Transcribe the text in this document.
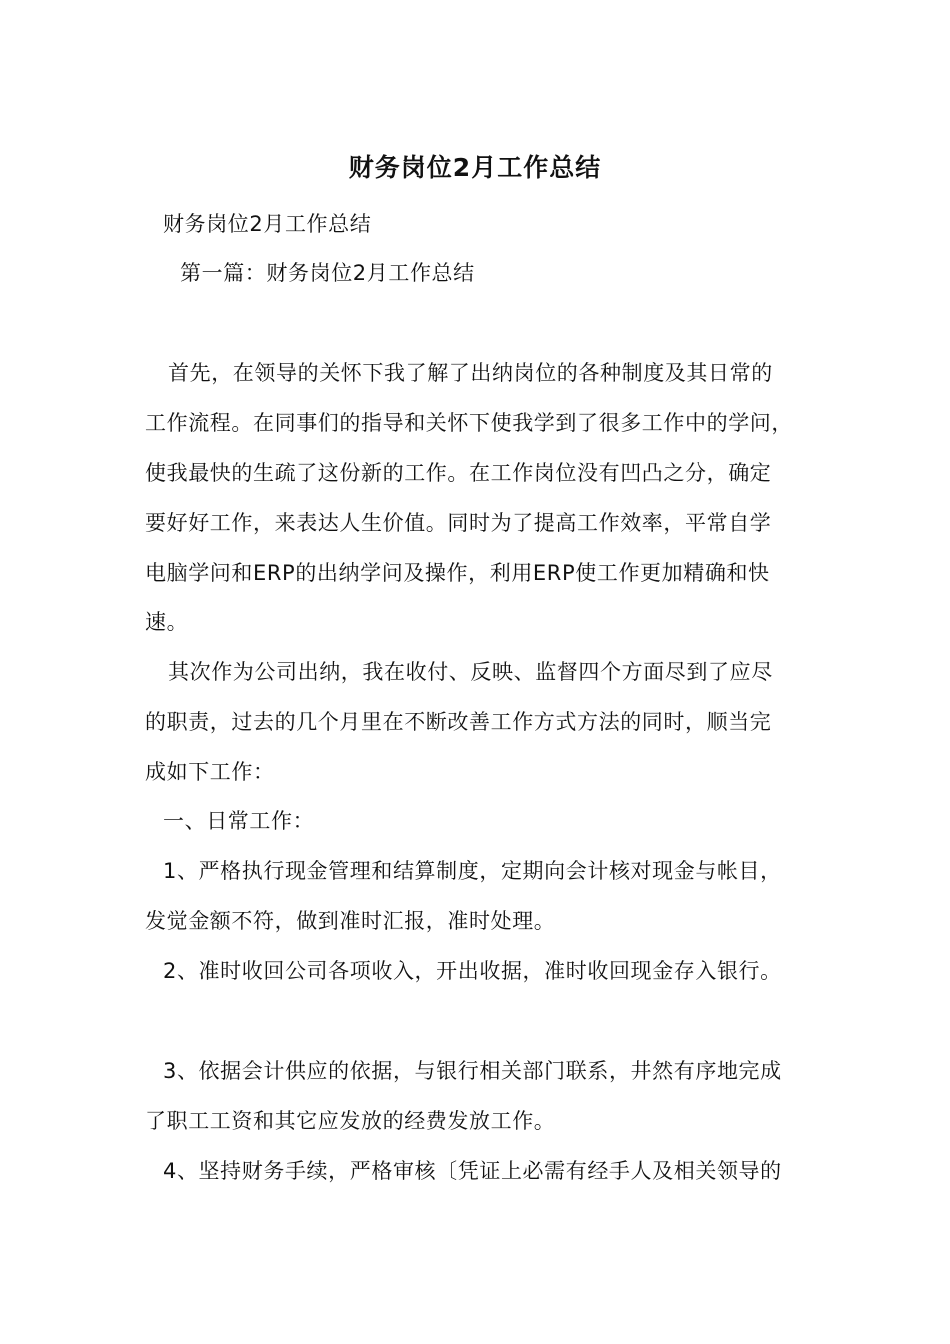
财务岗位2月工作总结
财务岗位2月工作总结
第一篇：财务岗位2月工作总结
首先，在领导的关怀下我了解了出纳岗位的各种制度及其日常的
工作流程。在同事们的指导和关怀下使我学到了很多工作中的学问，
使我最快的生疏了这份新的工作。在工作岗位没有凹凸之分，确定
要好好工作，来表达人生价值。同时为了提高工作效率，平常自学
电脑学问和ERP的出纳学问及操作，利用ERP使工作更加精确和快
速。
其次作为公司出纳，我在收付、反映、监督四个方面尽到了应尽
的职责，过去的几个月里在不断改善工作方式方法的同时，顺当完
成如下工作：
一、日常工作：
1、严格执行现金管理和结算制度，定期向会计核对现金与帐目，
发觉金额不符，做到准时汇报，准时处理。
2、准时收回公司各项收入，开出收据，准时收回现金存入银行。
3、依据会计供应的依据，与银行相关部门联系，井然有序地完成
了职工工资和其它应发放的经费发放工作。
4、坚持财务手续，严格审核〔凭证上必需有经手人及相关领导的
